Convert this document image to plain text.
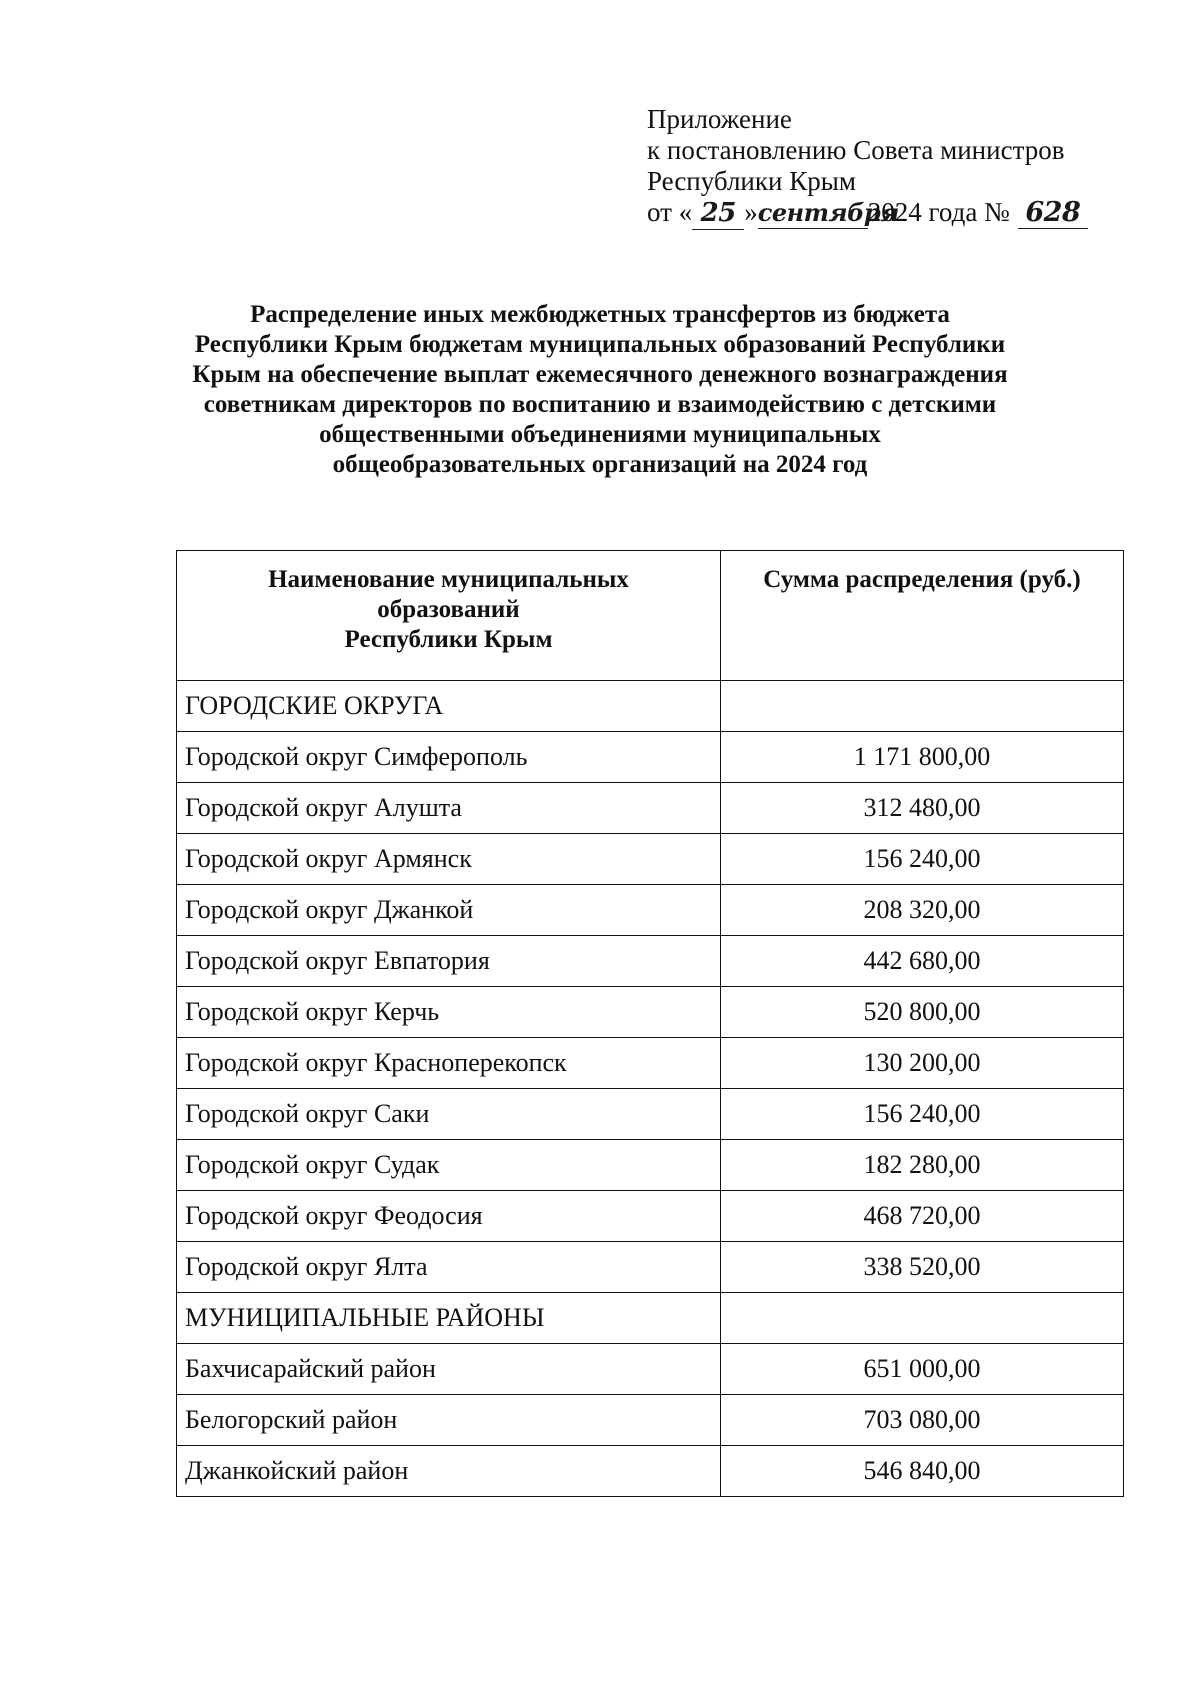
Приложение
к постановлению Совета министров
Республики Крым
от « 25 » сентября
2024 года № 628
Распределение иных межбюджетных трансфертов из бюджета
Республики Крым бюджетам муниципальных образований Республики
Крым на обеспечение выплат ежемесячного денежного вознаграждения
советникам директоров по воспитанию и взаимодействию с детскими
общественными объединениями муниципальных
общеобразовательных организаций на 2024 год
Наименование муниципальных
образований
Республики Крым	Сумма распределения (руб.)
ГОРОДСКИЕ ОКРУГА	
Городской округ Симферополь	1 171 800,00
Городской округ Алушта	312 480,00
Городской округ Армянск	156 240,00
Городской округ Джанкой	208 320,00
Городской округ Евпатория	442 680,00
Городской округ Керчь	520 800,00
Городской округ Красноперекопск	130 200,00
Городской округ Саки	156 240,00
Городской округ Судак	182 280,00
Городской округ Феодосия	468 720,00
Городской округ Ялта	338 520,00
МУНИЦИПАЛЬНЫЕ РАЙОНЫ	
Бахчисарайский район	651 000,00
Белогорский район	703 080,00
Джанкойский район	546 840,00
